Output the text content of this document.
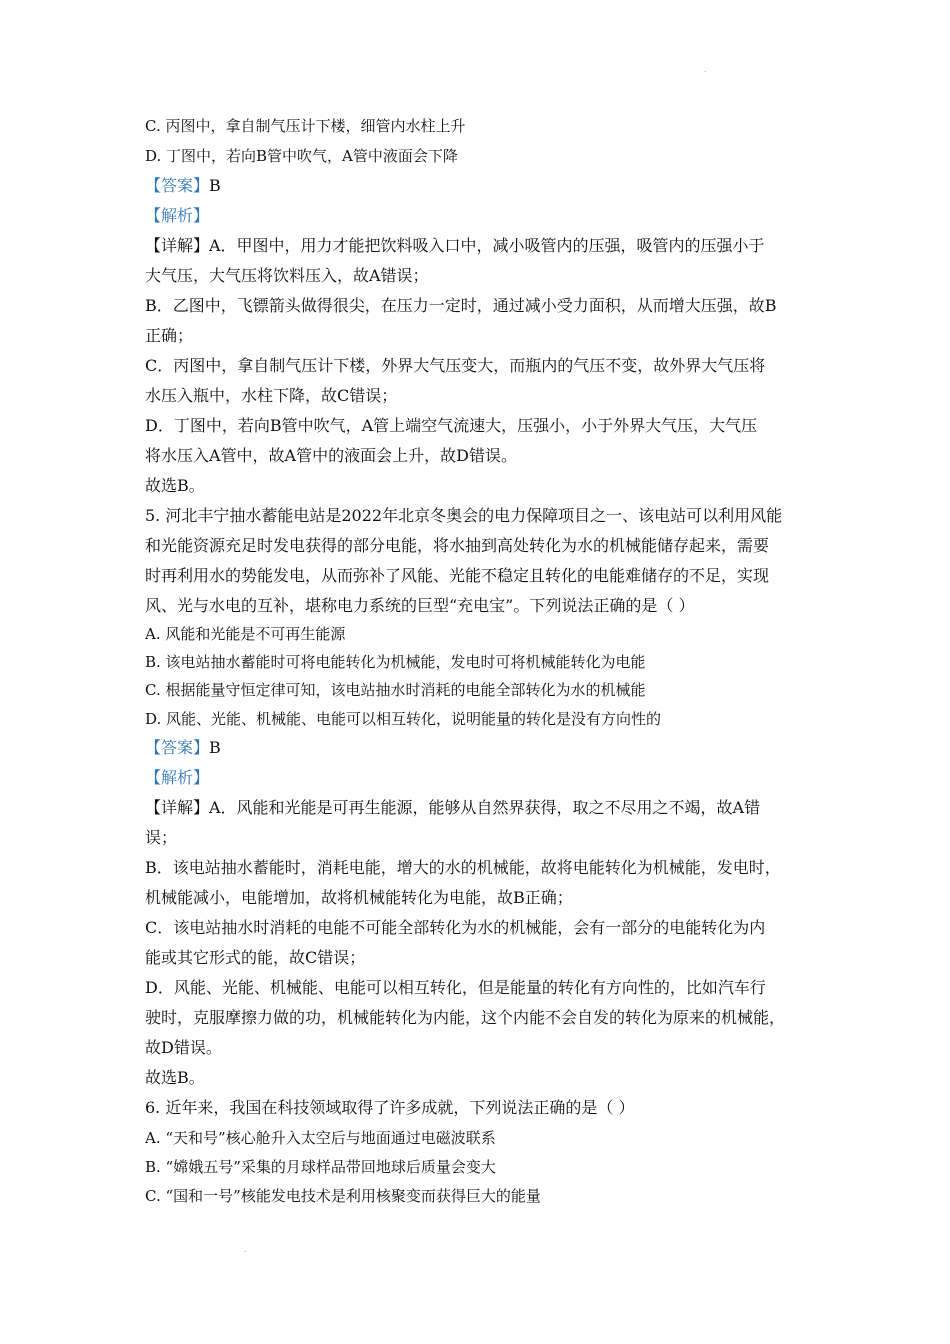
.
C. 丙图中，拿自制气压计下楼，细管内水柱上升
D. 丁图中，若向B管中吹气，A管中液面会下降
【答案】B
【解析】
【详解】A．甲图中，用力才能把饮料吸入口中，减小吸管内的压强，吸管内的压强小于
大气压，大气压将饮料压入，故A错误；
B．乙图中，飞镖箭头做得很尖，在压力一定时，通过减小受力面积，从而增大压强，故B
正确；
C．丙图中，拿自制气压计下楼，外界大气压变大，而瓶内的气压不变，故外界大气压将
水压入瓶中，水柱下降，故C错误；
D．丁图中，若向B管中吹气，A管上端空气流速大，压强小，小于外界大气压，大气压
将水压入A管中，故A管中的液面会上升，故D错误。
故选B。
5. 河北丰宁抽水蓄能电站是2022年北京冬奥会的电力保障项目之一、该电站可以利用风能
和光能资源充足时发电获得的部分电能，将水抽到高处转化为水的机械能储存起来，需要
时再利用水的势能发电，从而弥补了风能、光能不稳定且转化的电能难储存的不足，实现
风、光与水电的互补，堪称电力系统的巨型“充电宝”。下列说法正确的是（ ）
A. 风能和光能是不可再生能源
B. 该电站抽水蓄能时可将电能转化为机械能，发电时可将机械能转化为电能
C. 根据能量守恒定律可知，该电站抽水时消耗的电能全部转化为水的机械能
D. 风能、光能、机械能、电能可以相互转化，说明能量的转化是没有方向性的
【答案】B
【解析】
【详解】A．风能和光能是可再生能源，能够从自然界获得，取之不尽用之不竭，故A错
误；
B．该电站抽水蓄能时，消耗电能，增大的水的机械能，故将电能转化为机械能，发电时，
机械能减小，电能增加，故将机械能转化为电能，故B正确；
C．该电站抽水时消耗的电能不可能全部转化为水的机械能，会有一部分的电能转化为内
能或其它形式的能，故C错误；
D．风能、光能、机械能、电能可以相互转化，但是能量的转化有方向性的，比如汽车行
驶时，克服摩擦力做的功，机械能转化为内能，这个内能不会自发的转化为原来的机械能，
故D错误。
故选B。
6. 近年来，我国在科技领域取得了许多成就，下列说法正确的是（ ）
A. “天和号”核心舱升入太空后与地面通过电磁波联系
B. “嫦娥五号”采集的月球样品带回地球后质量会变大
C. “国和一号”核能发电技术是利用核聚变而获得巨大的能量
.
